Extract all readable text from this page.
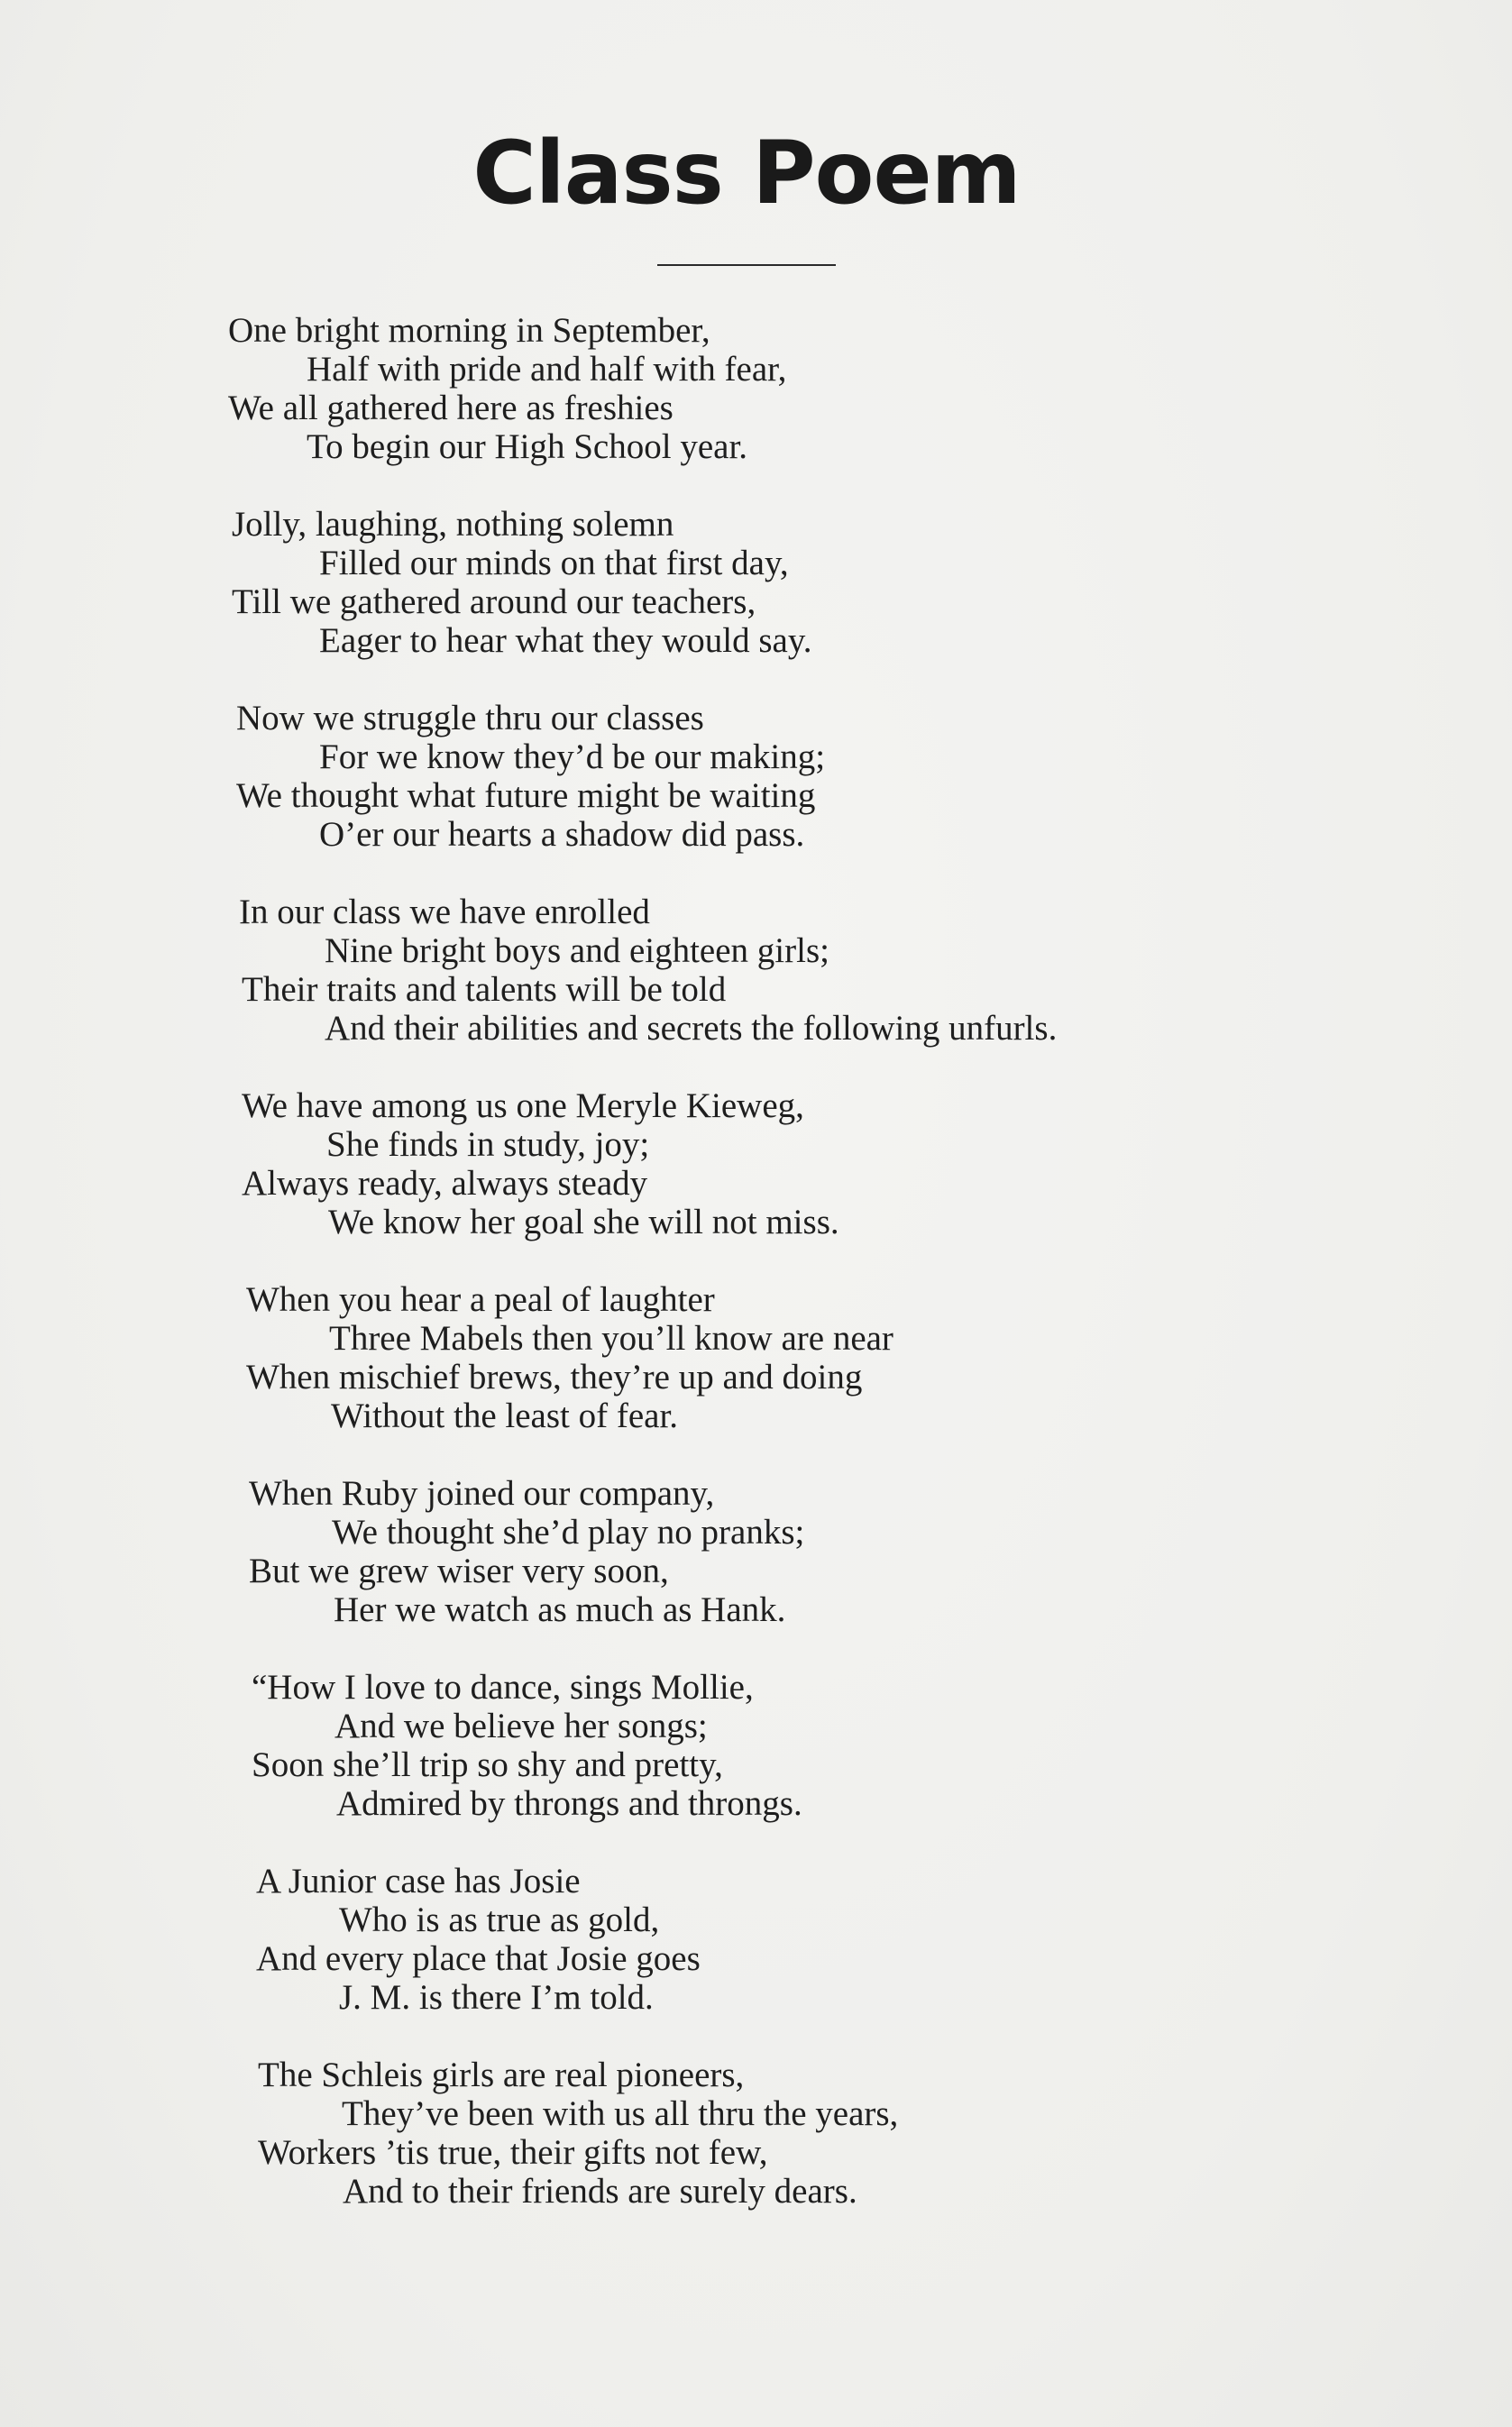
Class Poem
One bright morning in September,
Half with pride and half with fear,
We all gathered here as freshies
To begin our High School year.
Jolly, laughing, nothing solemn
Filled our minds on that first day,
Till we gathered around our teachers,
Eager to hear what they would say.
Now we struggle thru our classes
For we know they’d be our making;
We thought what future might be waiting
O’er our hearts a shadow did pass.
In our class we have enrolled
Nine bright boys and eighteen girls;
Their traits and talents will be told
And their abilities and secrets the following unfurls.
We have among us one Meryle Kieweg,
She finds in study, joy;
Always ready, always steady
We know her goal she will not miss.
When you hear a peal of laughter
Three Mabels then you’ll know are near
When mischief brews, they’re up and doing
Without the least of fear.
When Ruby joined our company,
We thought she’d play no pranks;
But we grew wiser very soon,
Her we watch as much as Hank.
“How I love to dance, sings Mollie,
And we believe her songs;
Soon she’ll trip so shy and pretty,
Admired by throngs and throngs.
A Junior case has Josie
Who is as true as gold,
And every place that Josie goes
J. M. is there I’m told.
The Schleis girls are real pioneers,
They’ve been with us all thru the years,
Workers ’tis true, their gifts not few,
And to their friends are surely dears.
